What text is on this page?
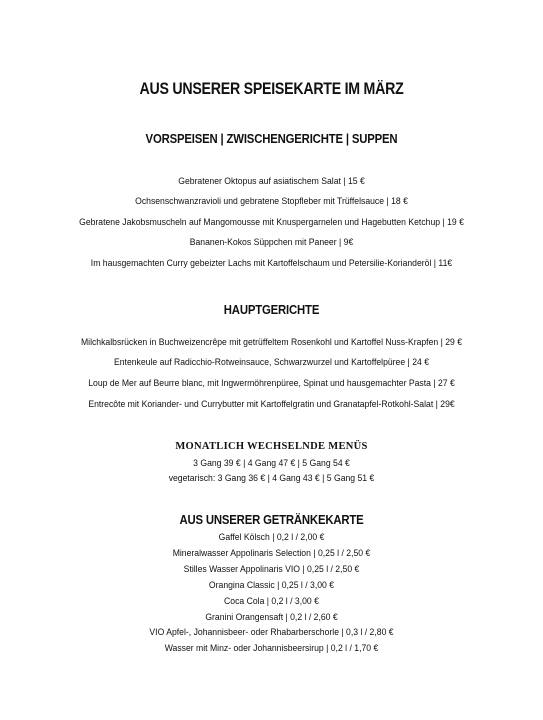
AUS UNSERER SPEISEKARTE IM MÄRZ
VORSPEISEN | ZWISCHENGERICHTE | SUPPEN
Gebratener Oktopus auf asiatischem Salat | 15 €
Ochsenschwanzravioli und gebratene Stopfleber mit Trüffelsauce | 18 €
Gebratene Jakobsmuscheln auf Mangomousse mit Knuspergarnelen und Hagebutten Ketchup | 19 €
Bananen-Kokos Süppchen mit Paneer | 9€
Im hausgemachten Curry gebeizter Lachs mit Kartoffelschaum und Petersilie-Korianderöl | 11€
HAUPTGERICHTE
Milchkalbsrücken in Buchweizencrêpe mit getrüffeltem Rosenkohl und Kartoffel Nuss-Krapfen | 29 €
Entenkeule auf Radicchio-Rotweinsauce, Schwarzwurzel und Kartoffelpüree | 24 €
Loup de Mer auf Beurre blanc, mit Ingwermöhrenpüree, Spinat und hausgemachter Pasta | 27 €
Entrecôte mit Koriander- und Currybutter mit Kartoffelgratin und Granatapfel-Rotkohl-Salat | 29€
MONATLICH WECHSELNDE MENÜS
3 Gang 39 € | 4 Gang 47 € | 5 Gang 54 €
vegetarisch: 3 Gang 36 € | 4 Gang 43 € | 5 Gang 51 €
AUS UNSERER GETRÄNKEKARTE
Gaffel Kölsch | 0,2 l / 2,00 €
Mineralwasser Appolinaris Selection | 0,25 l / 2,50 €
Stilles Wasser Appolinaris VIO | 0,25 l / 2,50 €
Orangina Classic | 0,25 l / 3,00 €
Coca Cola | 0,2 l / 3,00 €
Granini Orangensaft | 0,2 l / 2,60 €
VIO Apfel-, Johannisbeer- oder Rhabarberschorle | 0,3 l / 2,80 €
Wasser mit Minz- oder Johannisbeersirup | 0,2 l / 1,70 €
